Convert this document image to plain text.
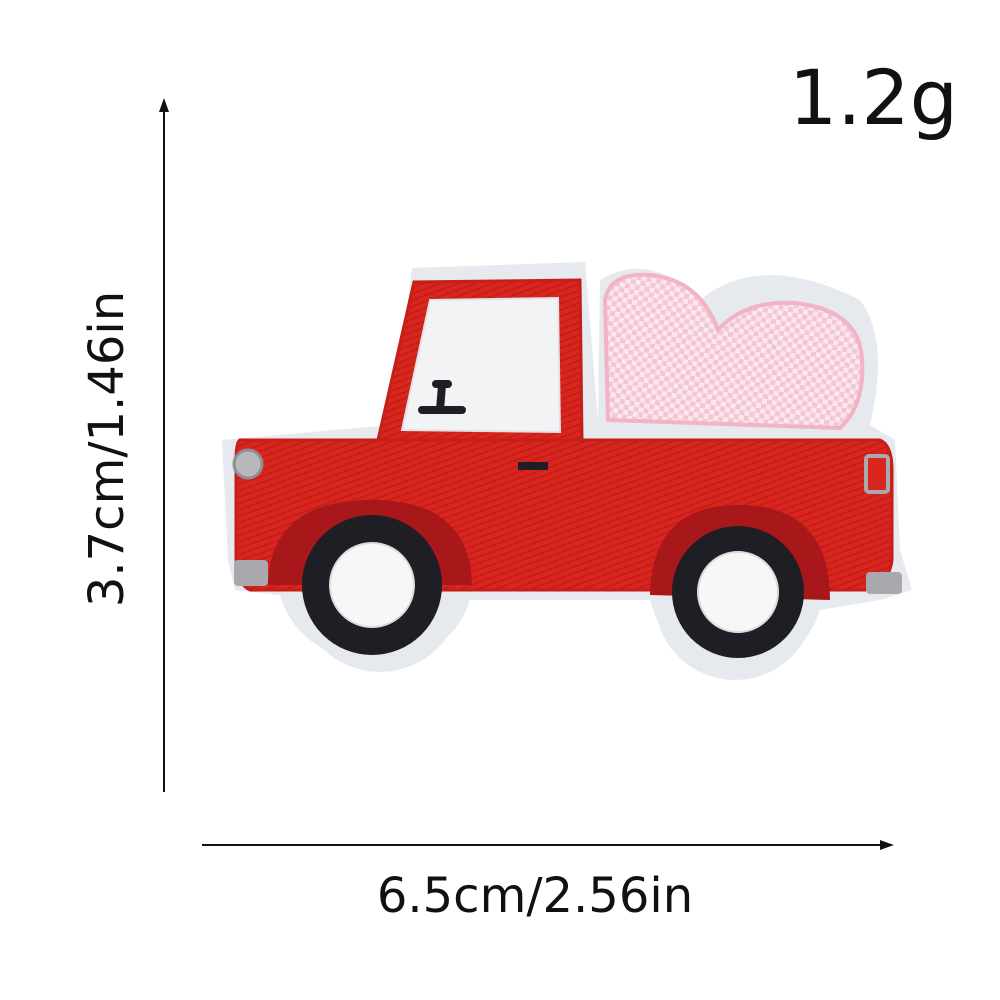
1.2g
3.7cm/1.46in
6.5cm/2.56in
